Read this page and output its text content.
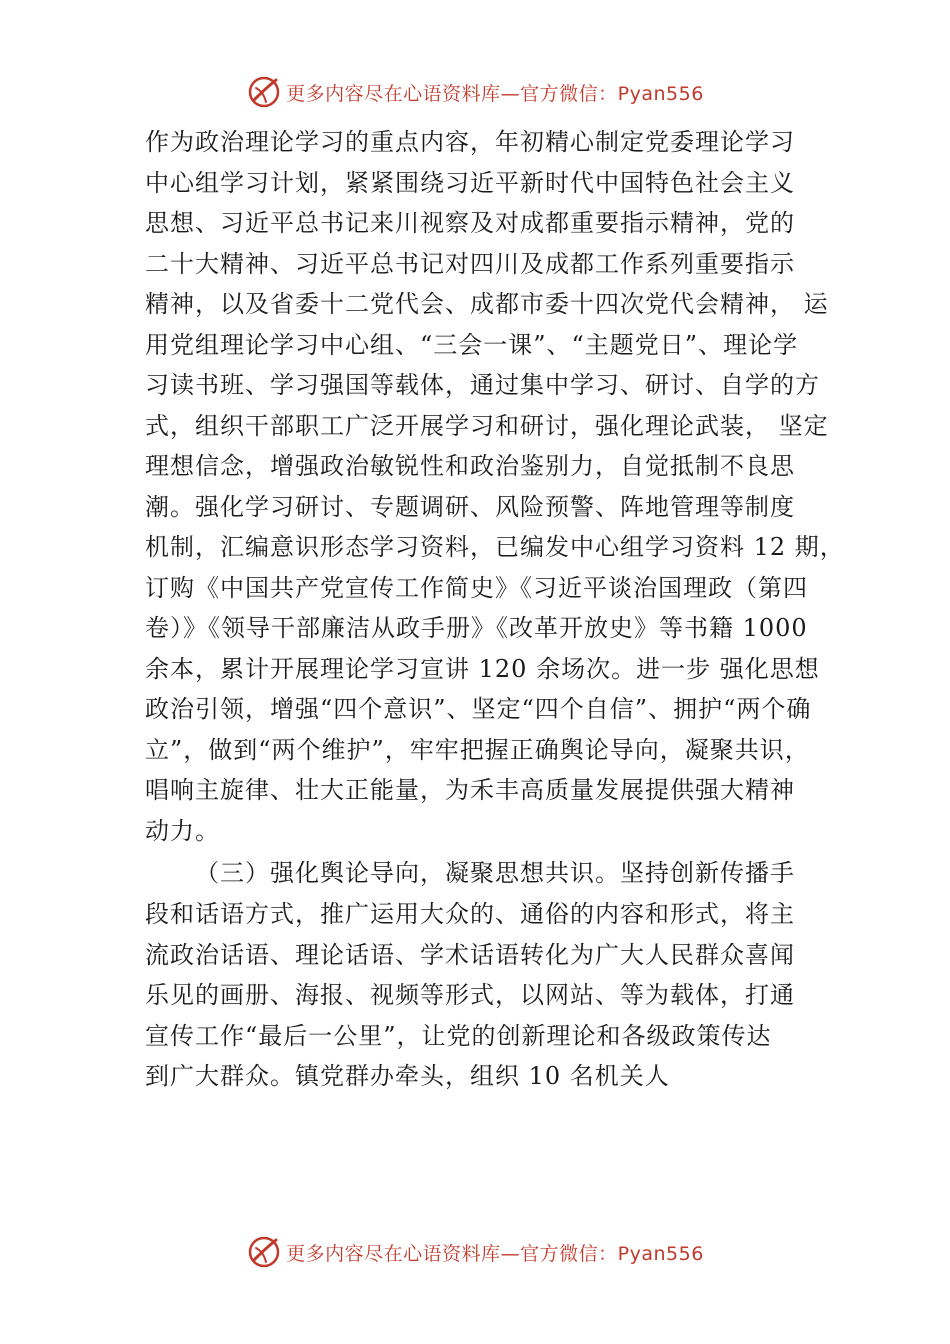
更多内容尽在心语资料库—官方微信：Pyan556
作为政治理论学习的重点内容，年初精心制定党委理论学习
中心组学习计划，紧紧围绕习近平新时代中国特色社会主义
思想、习近平总书记来川视察及对成都重要指示精神，党的
二十大精神、习近平总书记对四川及成都工作系列重要指示
精神，以及省委十二党代会、成都市委十四次党代会精神， 运
用党组理论学习中心组、“三会一课”、“主题党日”、理论学
习读书班、学习强国等载体，通过集中学习、研讨、自学的方
式，组织干部职工广泛开展学习和研讨，强化理论武装， 坚定
理想信念，增强政治敏锐性和政治鉴别力，自觉抵制不良思
潮。强化学习研讨、专题调研、风险预警、阵地管理等制度
机制，汇编意识形态学习资料，已编发中心组学习资料 12 期，
订购《中国共产党宣传工作简史》《习近平谈治国理政（第四
卷）》《领导干部廉洁从政手册》《改革开放史》等书籍 1000
余本，累计开展理论学习宣讲 120 余场次。进一步 强化思想
政治引领，增强“四个意识”、坚定“四个自信”、拥护“两个确
立”，做到“两个维护”，牢牢把握正确舆论导向，凝聚共识，
唱响主旋律、壮大正能量，为禾丰高质量发展提供强大精神
动力。
（三）强化舆论导向，凝聚思想共识。坚持创新传播手
段和话语方式，推广运用大众的、通俗的内容和形式，将主
流政治话语、理论话语、学术话语转化为广大人民群众喜闻
乐见的画册、海报、视频等形式，以网站、等为载体，打通
宣传工作“最后一公里”，让党的创新理论和各级政策传达
到广大群众。镇党群办牵头，组织 10 名机关人
更多内容尽在心语资料库—官方微信：Pyan556
